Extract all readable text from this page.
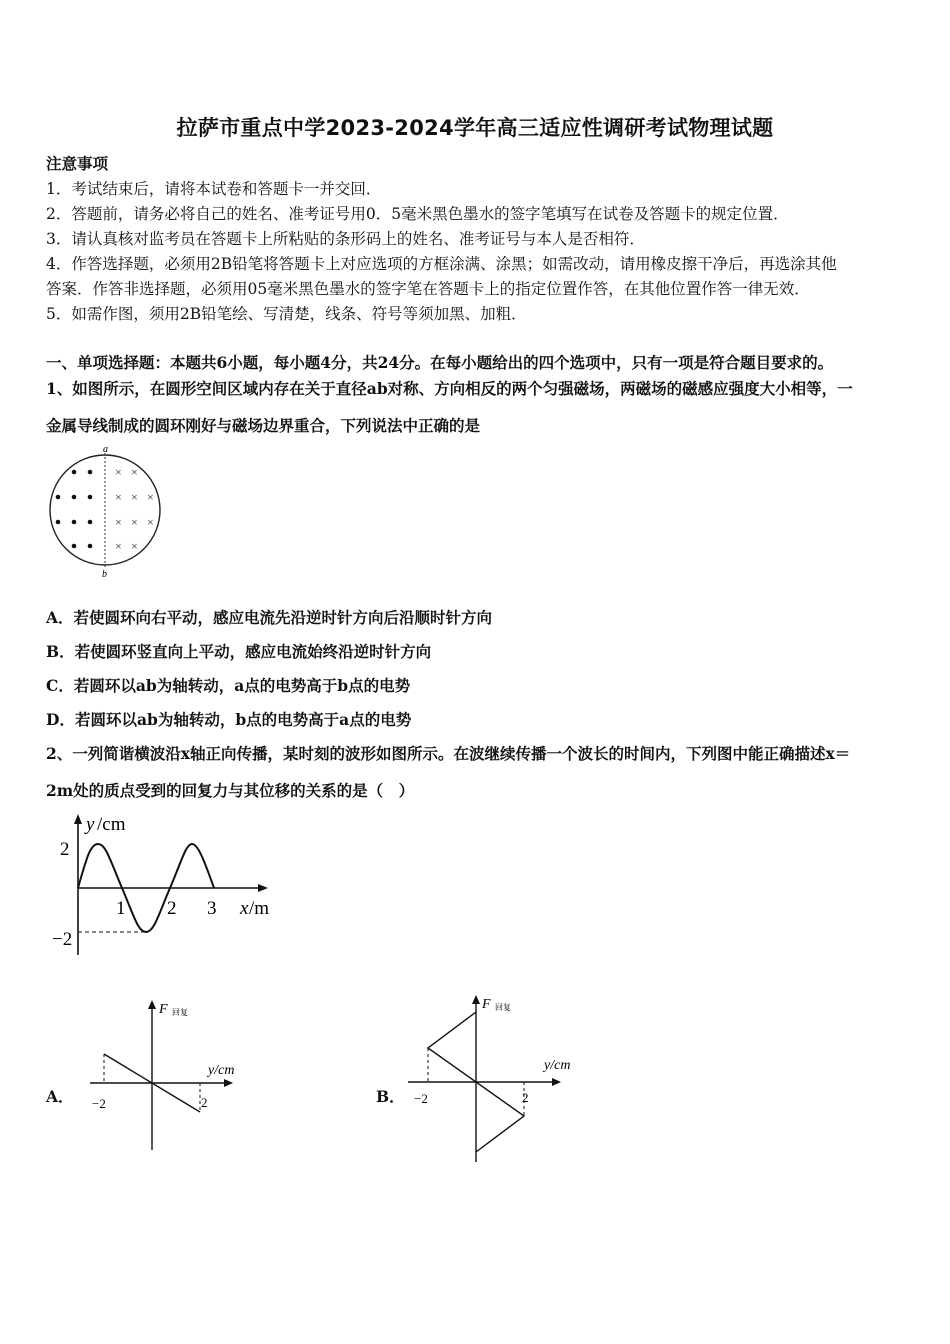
拉萨市重点中学2023-2024学年高三适应性调研考试物理试题
注意事项
1．考试结束后，请将本试卷和答题卡一并交回．
2．答题前，请务必将自己的姓名、准考证号用0．5毫米黑色墨水的签字笔填写在试卷及答题卡的规定位置．
3．请认真核对监考员在答题卡上所粘贴的条形码上的姓名、准考证号与本人是否相符．
4．作答选择题，必须用2B铅笔将答题卡上对应选项的方框涂满、涂黑；如需改动，请用橡皮擦干净后，再选涂其他
答案．作答非选择题，必须用05毫米黑色墨水的签字笔在答题卡上的指定位置作答，在其他位置作答一律无效．
5．如需作图，须用2B铅笔绘、写清楚，线条、符号等须加黑、加粗．
一、单项选择题：本题共6小题，每小题4分，共24分。在每小题给出的四个选项中，只有一项是符合题目要求的。
1、如图所示，在圆形空间区域内存在关于直径ab对称、方向相反的两个匀强磁场，两磁场的磁感应强度大小相等，一
金属导线制成的圆环刚好与磁场边界重合，下列说法中正确的是
a
b
× ×
× × ×
× × ×
× ×
A．若使圆环向右平动，感应电流先沿逆时针方向后沿顺时针方向
B．若使圆环竖直向上平动，感应电流始终沿逆时针方向
C．若圆环以ab为轴转动，a点的电势高于b点的电势
D．若圆环以ab为轴转动，b点的电势高于a点的电势
2、一列简谐横波沿x轴正向传播，某时刻的波形如图所示。在波继续传播一个波长的时间内，下列图中能正确描述x＝
2m处的质点受到的回复力与其位移的关系的是（　）
y /cm
2
−2
1 2 3 x /m
A．
F 回复
y/cm
−2	2	B．
F 回复
y/cm
−2	2
